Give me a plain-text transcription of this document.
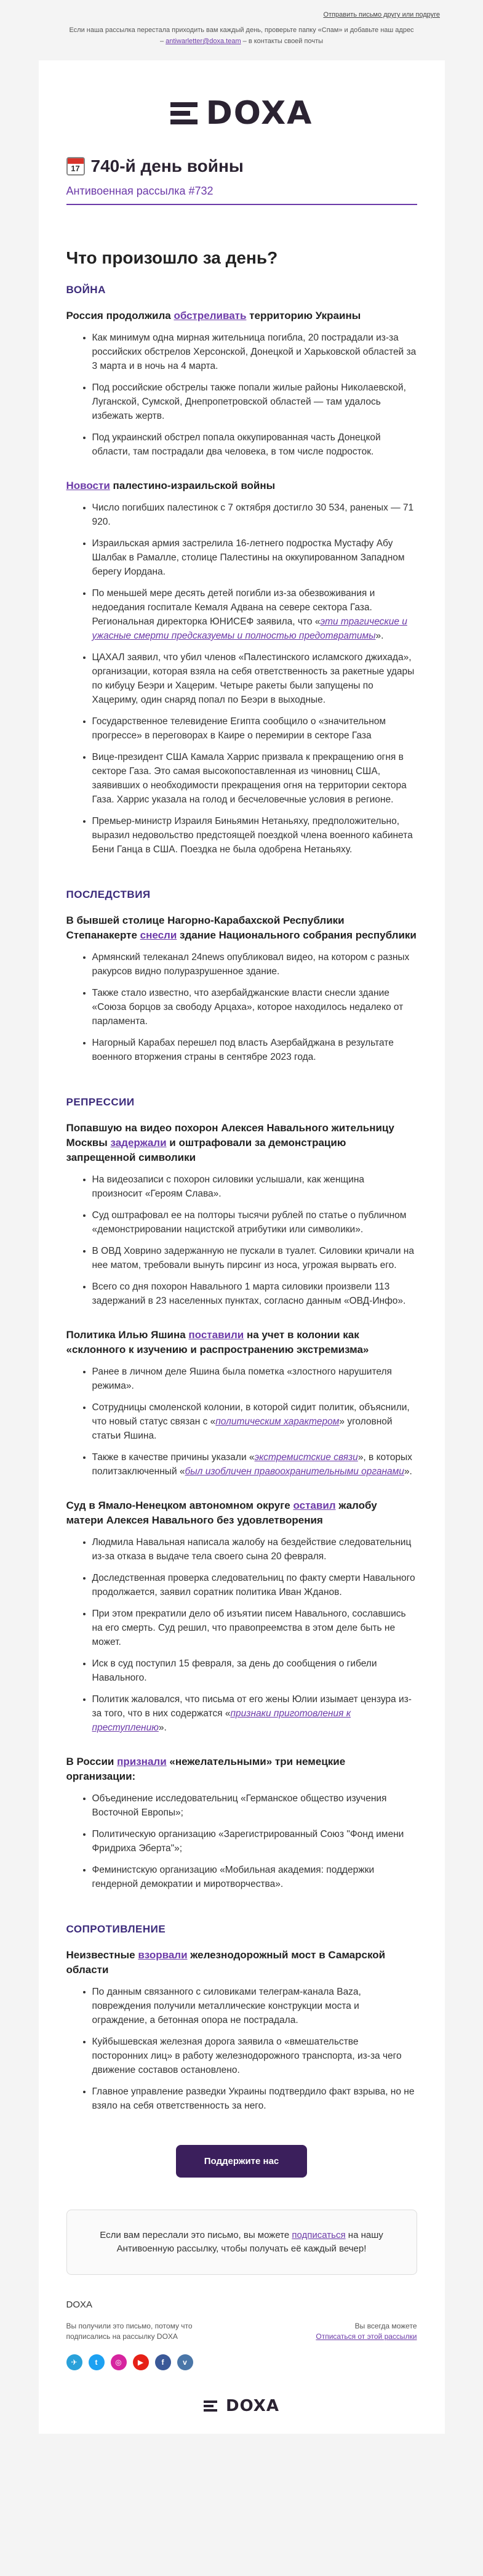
Отправить письмо другу или подруге
Если наша рассылка перестала приходить вам каждый день, проверьте папку «Спам» и добавьте наш адрес – antiwarletter@doxa.team – в контакты своей почты
DOXA
17
740-й день войны
Антивоенная рассылка #732
Что произошло за день?
ВОЙНА
Россия продолжила обстреливать территорию Украины
• Как минимум одна мирная жительница погибла, 20 пострадали из-за российских обстрелов Херсонской, Донецкой и Харьковской областей за 3 марта и в ночь на 4 марта.
• Под российские обстрелы также попали жилые районы Николаевской, Луганской, Сумской, Днепропетровской областей — там удалось избежать жертв.
• Под украинский обстрел попала оккупированная часть Донецкой области, там пострадали два человека, в том числе подросток.
Новости палестино-израильской войны
• Число погибших палестинок с 7 октября достигло 30 534, раненых — 71 920.
• Израильская армия застрелила 16-летнего подростка Мустафу Абу Шалбак в Рамалле, столице Палестины на оккупированном Западном берегу Иордана.
• По меньшей мере десять детей погибли из-за обезвоживания и недоедания госпитале Кемаля Адвана на севере сектора Газа. Региональная директорка ЮНИСЕФ заявила, что «эти трагические и ужасные смерти предсказуемы и полностью предотвратимы».
• ЦАХАЛ заявил, что убил членов «Палестинского исламского джихада», организации, которая взяла на себя ответственность за ракетные удары по кибуцу Беэри и Хацерим. Четыре ракеты были запущены по Хацериму, один снаряд попал по Беэри в выходные.
• Государственное телевидение Египта сообщило о «значительном прогрессе» в переговорах в Каире о перемирии в секторе Газа
• Вице-президент США Камала Харрис призвала к прекращению огня в секторе Газа. Это самая высокопоставленная из чиновниц США, заявивших о необходимости прекращения огня на территории сектора Газа. Харрис указала на голод и бесчеловечные условия в регионе.
• Премьер-министр Израиля Биньямин Нетаньяху, предположительно, выразил недовольство предстоящей поездкой члена военного кабинета Бени Ганца в США. Поездка не была одобрена Нетаньяху.
ПОСЛЕДСТВИЯ
В бывшей столице Нагорно-Карабахской Республики Степанакерте снесли здание Национального собрания республики
• Армянский телеканал 24news опубликовал видео, на котором с разных ракурсов видно полуразрушенное здание.
• Также стало известно, что азербайджанские власти снесли здание «Союза борцов за свободу Арцаха», которое находилось недалеко от парламента.
• Нагорный Карабах перешел под власть Азербайджана в результате военного вторжения страны в сентябре 2023 года.
РЕПРЕССИИ
Попавшую на видео похорон Алексея Навального жительницу Москвы задержали и оштрафовали за демонстрацию запрещенной символики
• На видеозаписи с похорон силовики услышали, как женщина произносит «Героям Слава».
• Суд оштрафовал ее на полторы тысячи рублей по статье о публичном «демонстрировании нацистской атрибутики или символики».
• В ОВД Ховрино задержанную не пускали в туалет. Силовики кричали на нее матом, требовали вынуть пирсинг из носа, угрожая вырвать его.
• Всего со дня похорон Навального 1 марта силовики произвели 113 задержаний в 23 населенных пунктах, согласно данным «ОВД-Инфо».
Политика Илью Яшина поставили на учет в колонии как «склонного к изучению и распространению экстремизма»
• Ранее в личном деле Яшина была пометка «злостного нарушителя режима».
• Сотрудницы смоленской колонии, в которой сидит политик, объяснили, что новый статус связан с «политическим характером» уголовной статьи Яшина.
• Также в качестве причины указали «экстремистские связи», в которых политзаключенный «был изобличен правоохранительными органами».
Суд в Ямало-Ненецком автономном округе оставил жалобу матери Алексея Навального без удовлетворения
• Людмила Навальная написала жалобу на бездействие следовательниц из-за отказа в выдаче тела своего сына 20 февраля.
• Доследственная проверка следовательниц по факту смерти Навального продолжается, заявил соратник политика Иван Жданов.
• При этом прекратили дело об изъятии писем Навального, сославшись на его смерть. Суд решил, что правопреемства в этом деле быть не может.
• Иск в суд поступил 15 февраля, за день до сообщения о гибели Навального.
• Политик жаловался, что письма от его жены Юлии изымает цензура из-за того, что в них содержатся «признаки приготовления к преступлению».
В России признали «нежелательными» три немецкие организации:
• Объединение исследовательниц «Германское общество изучения Восточной Европы»;
• Политическую организацию «Зарегистрированный Союз "Фонд имени Фридриха Эберта"»;
• Феминистскую организацию «Мобильная академия: поддержки гендерной демократии и миротворчества».
СОПРОТИВЛЕНИЕ
Неизвестные взорвали железнодорожный мост в Самарской области
• По данным связанного с силовиками телеграм-канала Baza, повреждения получили металлические конструкции моста и ограждение, а бетонная опора не пострадала.
• Куйбышевская железная дорога заявила о «вмешательстве посторонних лиц» в работу железнодорожного транспорта, из-за чего движение составов остановлено.
• Главное управление разведки Украины подтвердило факт взрыва, но не взяло на себя ответственность за него.
Поддержите нас
Если вам переслали это письмо, вы можете подписаться на нашу Антивоенную рассылку, чтобы получать её каждый вечер!
DOXA
Вы получили это письмо, потому что подписались на рассылку DOXA
Вы всегда можете
Отписаться от этой рассылки
✈	t	◎	▶	f	v
DOXA
